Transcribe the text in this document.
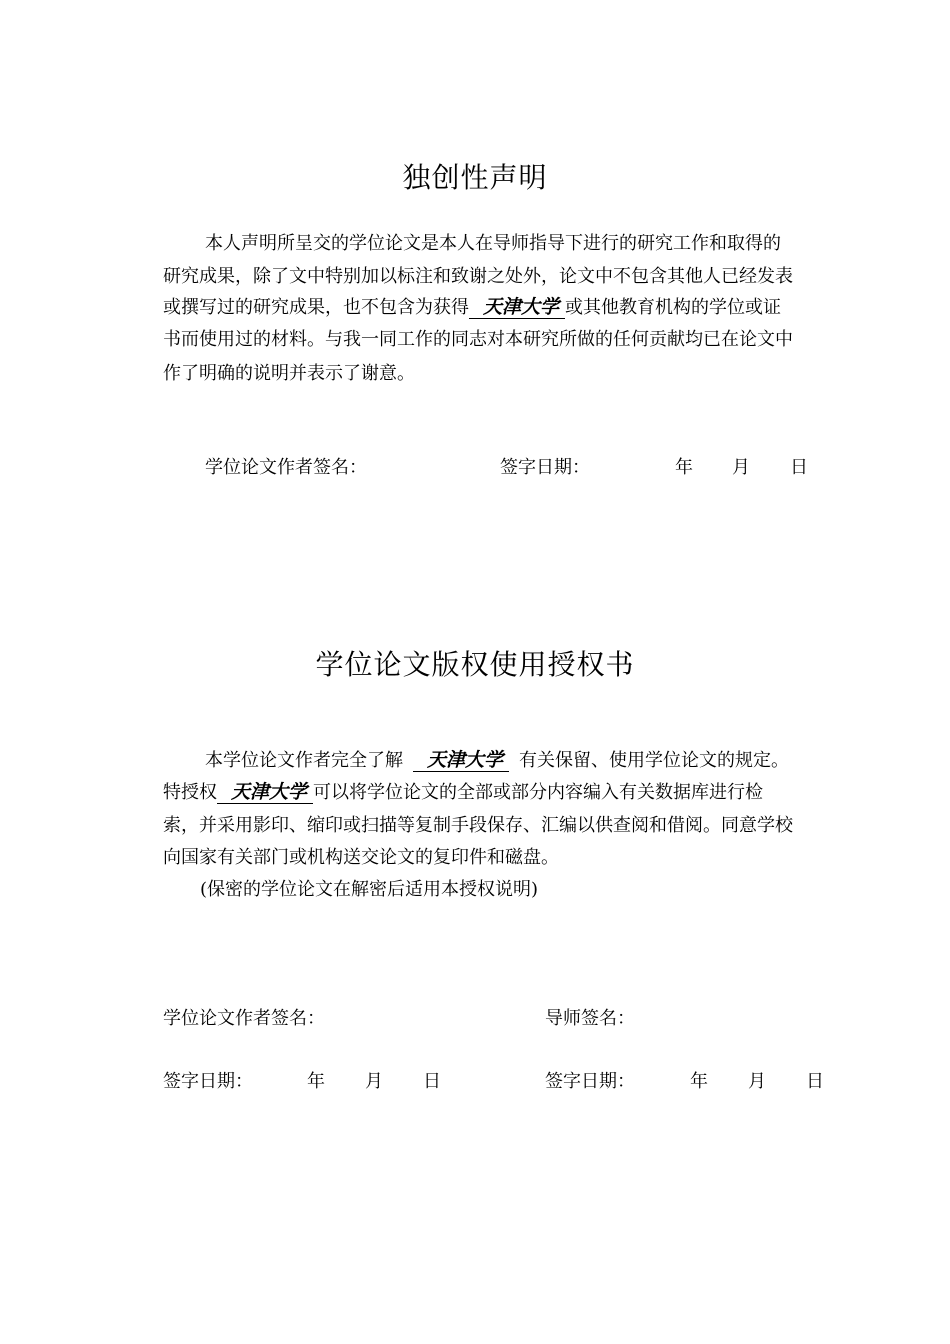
独创性声明
本人声明所呈交的学位论文是本人在导师指导下进行的研究工作和取得的
研究成果，除了文中特别加以标注和致谢之处外，论文中不包含其他人已经发表
或撰写过的研究成果，也不包含为获得 天津大学 或其他教育机构的学位或证
书而使用过的材料。与我一同工作的同志对本研究所做的任何贡献均已在论文中
作了明确的说明并表示了谢意。
学位论文作者签名：	签字日期：	年 月 日
学位论文版权使用授权书
本学位论文作者完全了解 天津大学 有关保留、使用学位论文的规定。
特授权 天津大学 可以将学位论文的全部或部分内容编入有关数据库进行检
索，并采用影印、缩印或扫描等复制手段保存、汇编以供查阅和借阅。同意学校
向国家有关部门或机构送交论文的复印件和磁盘。
(保密的学位论文在解密后适用本授权说明)
学位论文作者签名：	导师签名：
签字日期：	年 月 日	签字日期：	年 月 日
